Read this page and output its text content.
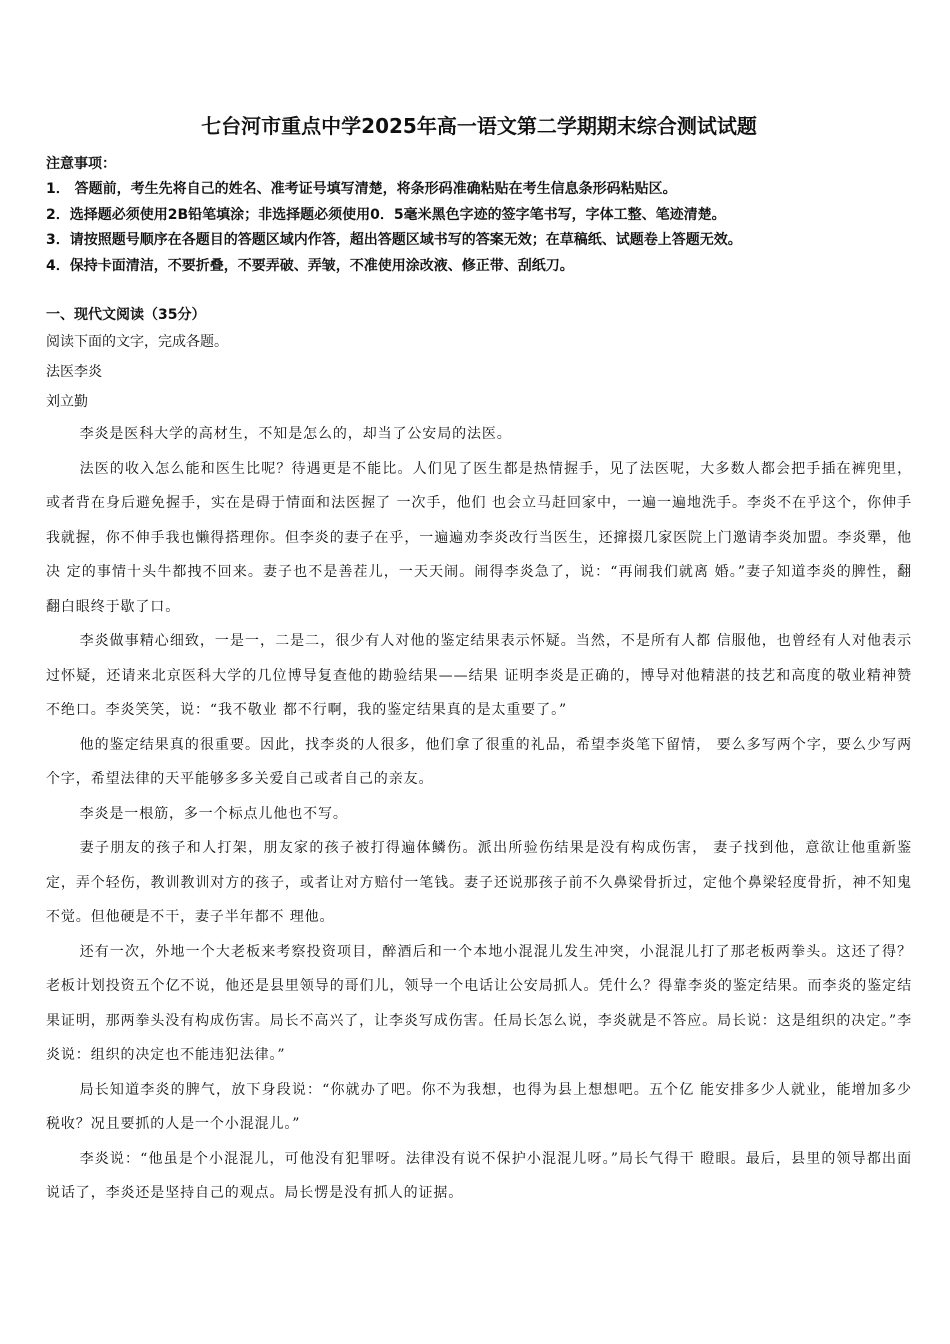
七台河市重点中学2025年高一语文第二学期期末综合测试试题

注意事项：

1． 答题前，考生先将自己的姓名、准考证号填写清楚，将条形码准确粘贴在考生信息条形码粘贴区。

2．选择题必须使用2B铅笔填涂；非选择题必须使用0．5毫米黑色字迹的签字笔书写，字体工整、笔迹清楚。

3．请按照题号顺序在各题目的答题区域内作答，超出答题区域书写的答案无效；在草稿纸、试题卷上答题无效。

4．保持卡面清洁，不要折叠，不要弄破、弄皱，不准使用涂改液、修正带、刮纸刀。

一、现代文阅读（35分）

阅读下面的文字，完成各题。

法医李炎

刘立勤

李炎是医科大学的高材生，不知是怎么的，却当了公安局的法医。

法医的收入怎么能和医生比呢？待遇更是不能比。人们见了医生都是热情握手，见了法医呢，大多数人都会把手插在裤兜里，或者背在身后避免握手，实在是碍于情面和法医握了 一次手，他们 也会立马赶回家中，一遍一遍地洗手。李炎不在乎这个，你伸手我就握，你不伸手我也懒得搭理你。但李炎的妻子在乎，一遍遍劝李炎改行当医生，还撺掇几家医院上门邀请李炎加盟。李炎犟，他决 定的事情十头牛都拽不回来。妻子也不是善茬儿，一天天闹。闹得李炎急了，说：“再闹我们就离 婚。”妻子知道李炎的脾性，翻翻白眼终于歇了口。

李炎做事精心细致，一是一，二是二，很少有人对他的鉴定结果表示怀疑。当然，不是所有人都 信服他，也曾经有人对他表示过怀疑，还请来北京医科大学的几位博导复查他的勘验结果——结果 证明李炎是正确的，博导对他精湛的技艺和高度的敬业精神赞不绝口。李炎笑笑，说：“我不敬业 都不行啊，我的鉴定结果真的是太重要了。”

他的鉴定结果真的很重要。因此，找李炎的人很多，他们拿了很重的礼品，希望李炎笔下留情， 要么多写两个字，要么少写两个字，希望法律的天平能够多多关爱自己或者自己的亲友。

李炎是一根筋，多一个标点儿他也不写。

妻子朋友的孩子和人打架，朋友家的孩子被打得遍体鳞伤。派出所验伤结果是没有构成伤害， 妻子找到他，意欲让他重新鉴定，弄个轻伤，教训教训对方的孩子，或者让对方赔付一笔钱。妻子还说那孩子前不久鼻梁骨折过，定他个鼻梁轻度骨折，神不知鬼不觉。但他硬是不干，妻子半年都不 理他。

还有一次，外地一个大老板来考察投资项目，醉酒后和一个本地小混混儿发生冲突，小混混儿打了那老板两拳头。这还了得？老板计划投资五个亿不说，他还是县里领导的哥们儿，领导一个电话让公安局抓人。凭什么？得靠李炎的鉴定结果。而李炎的鉴定结果证明，那两拳头没有构成伤害。局长不高兴了，让李炎写成伤害。任局长怎么说，李炎就是不答应。局长说：这是组织的决定。”李炎说：组织的决定也不能违犯法律。”

局长知道李炎的脾气，放下身段说：“你就办了吧。你不为我想，也得为县上想想吧。五个亿 能安排多少人就业，能增加多少税收？况且要抓的人是一个小混混儿。”

李炎说：“他虽是个小混混儿，可他没有犯罪呀。法律没有说不保护小混混儿呀。”局长气得干 瞪眼。最后，县里的领导都出面说话了，李炎还是坚持自己的观点。局长愣是没有抓人的证据。
